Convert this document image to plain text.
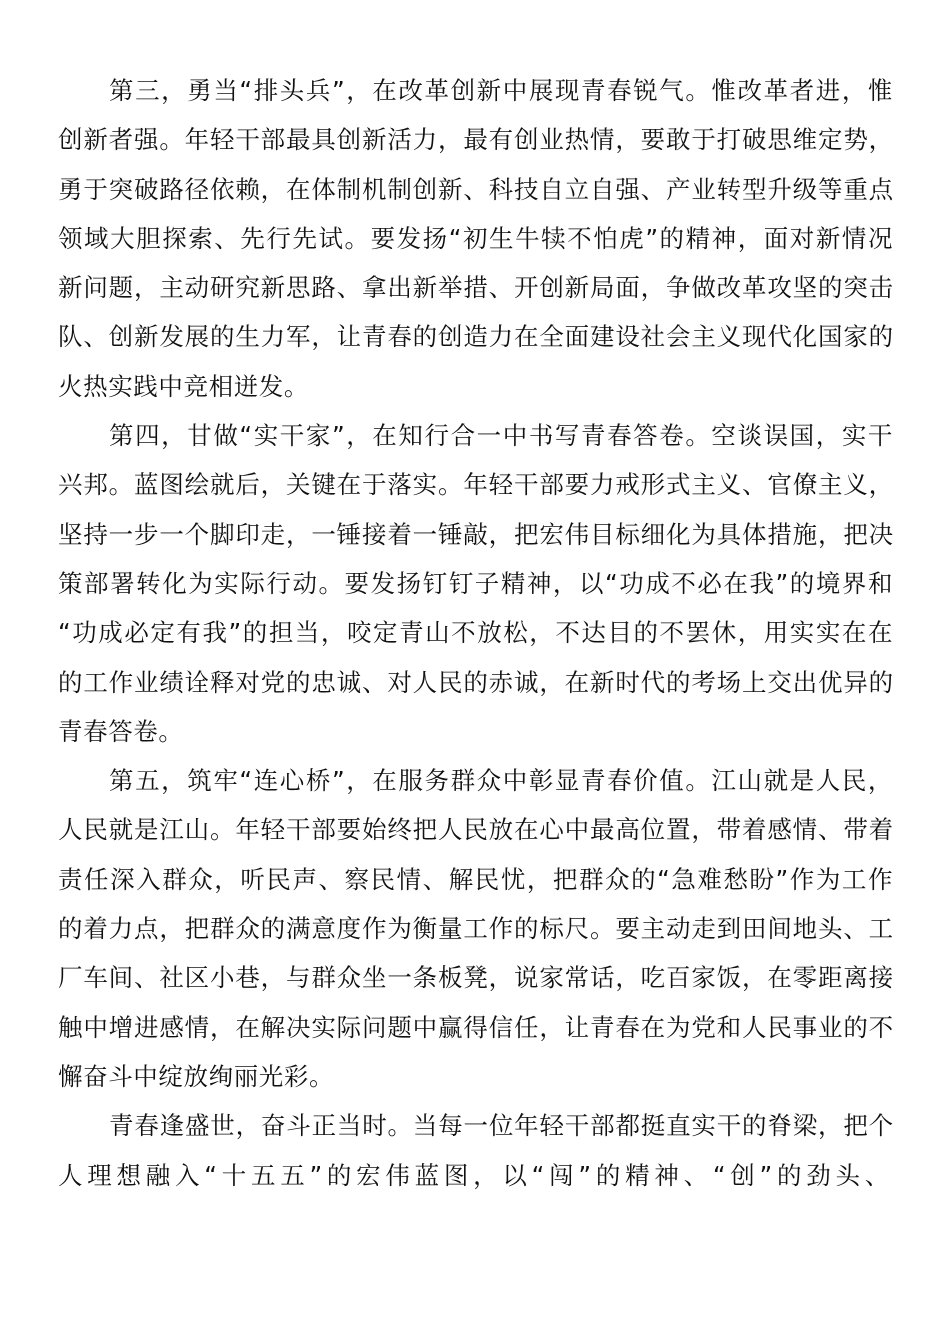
第三，勇当“排头兵”，在改革创新中展现青春锐气。惟改革者进，惟
创新者强。年轻干部最具创新活力，最有创业热情，要敢于打破思维定势，
勇于突破路径依赖，在体制机制创新、科技自立自强、产业转型升级等重点
领域大胆探索、先行先试。要发扬“初生牛犊不怕虎”的精神，面对新情况
新问题，主动研究新思路、拿出新举措、开创新局面，争做改革攻坚的突击
队、创新发展的生力军，让青春的创造力在全面建设社会主义现代化国家的
火热实践中竞相迸发。
第四，甘做“实干家”，在知行合一中书写青春答卷。空谈误国，实干
兴邦。蓝图绘就后，关键在于落实。年轻干部要力戒形式主义、官僚主义，
坚持一步一个脚印走，一锤接着一锤敲，把宏伟目标细化为具体措施，把决
策部署转化为实际行动。要发扬钉钉子精神，以“功成不必在我”的境界和
“功成必定有我”的担当，咬定青山不放松，不达目的不罢休，用实实在在
的工作业绩诠释对党的忠诚、对人民的赤诚，在新时代的考场上交出优异的
青春答卷。
第五，筑牢“连心桥”，在服务群众中彰显青春价值。江山就是人民，
人民就是江山。年轻干部要始终把人民放在心中最高位置，带着感情、带着
责任深入群众，听民声、察民情、解民忧，把群众的“急难愁盼”作为工作
的着力点，把群众的满意度作为衡量工作的标尺。要主动走到田间地头、工
厂车间、社区小巷，与群众坐一条板凳，说家常话，吃百家饭，在零距离接
触中增进感情，在解决实际问题中赢得信任，让青春在为党和人民事业的不
懈奋斗中绽放绚丽光彩。
青春逢盛世，奋斗正当时。当每一位年轻干部都挺直实干的脊梁，把个
人理想融入“十五五”的宏伟蓝图，以“闯”的精神、“创”的劲头、
